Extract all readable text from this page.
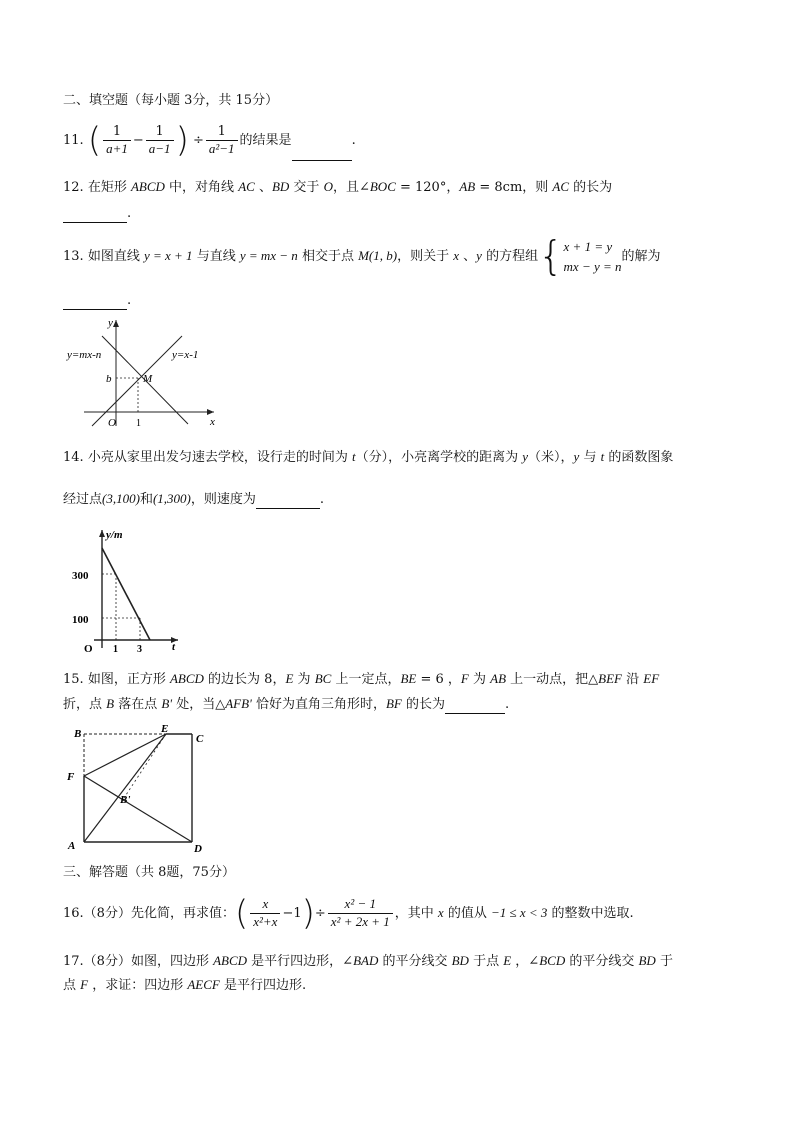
二、填空题（每小题 3分，共 15分）
11. ( $\frac{1}{a+1} - \frac{1}{a-1}$ ) ÷ $\frac{1}{\text{a²−1}}$ 的结果是	.
12. 在矩形 ABCD 中，对角线 AC 、BD 交于 O，且∠BOC = 120°，AB = 8cm，则 AC 的长为
.
13. 如图直线 y = x + 1 与直线 y = mx − n 相交于点 M(1, b)，则关于 x 、y 的方程组{ x + 1 = y
mx − y = n
的解为
.
y=mx-n	y=x-1
b	M
O 1	x
y
14. 小亮从家里出发匀速去学校，设行走的时间为 t（分），小亮离学校的距离为 y（米），y 与 t 的函数图象
经过点(3,100)和(1,300)，则速度为	.
y/m
300
100
O 1 3	t
15. 如图，正方形 ABCD 的边长为 8，E 为 BC 上一定点，BE = 6 ，F 为 AB 上一动点，把△BEF 沿 EF
折，点 B 落在点 B' 处，当△AFB' 恰好为直角三角形时，BF 的长为	.
B	C
E
F
B'
A	D
三、解答题（共 8题，75分）
16.（8分）先化简，再求值：( $\frac{x}{\text{x²+x}} -1)\div \frac{\text{x² − 1}}{\text{x² + 2x + 1}}$ ，其中 x 的值从 −1 ≤ x < 3 的整数中选取.
17.（8分）如图，四边形 ABCD 是平行四边形，∠BAD 的平分线交 BD 于点 E ，∠BCD 的平分线交 BD 于
点 F ，求证：四边形 AECF 是平行四边形.
